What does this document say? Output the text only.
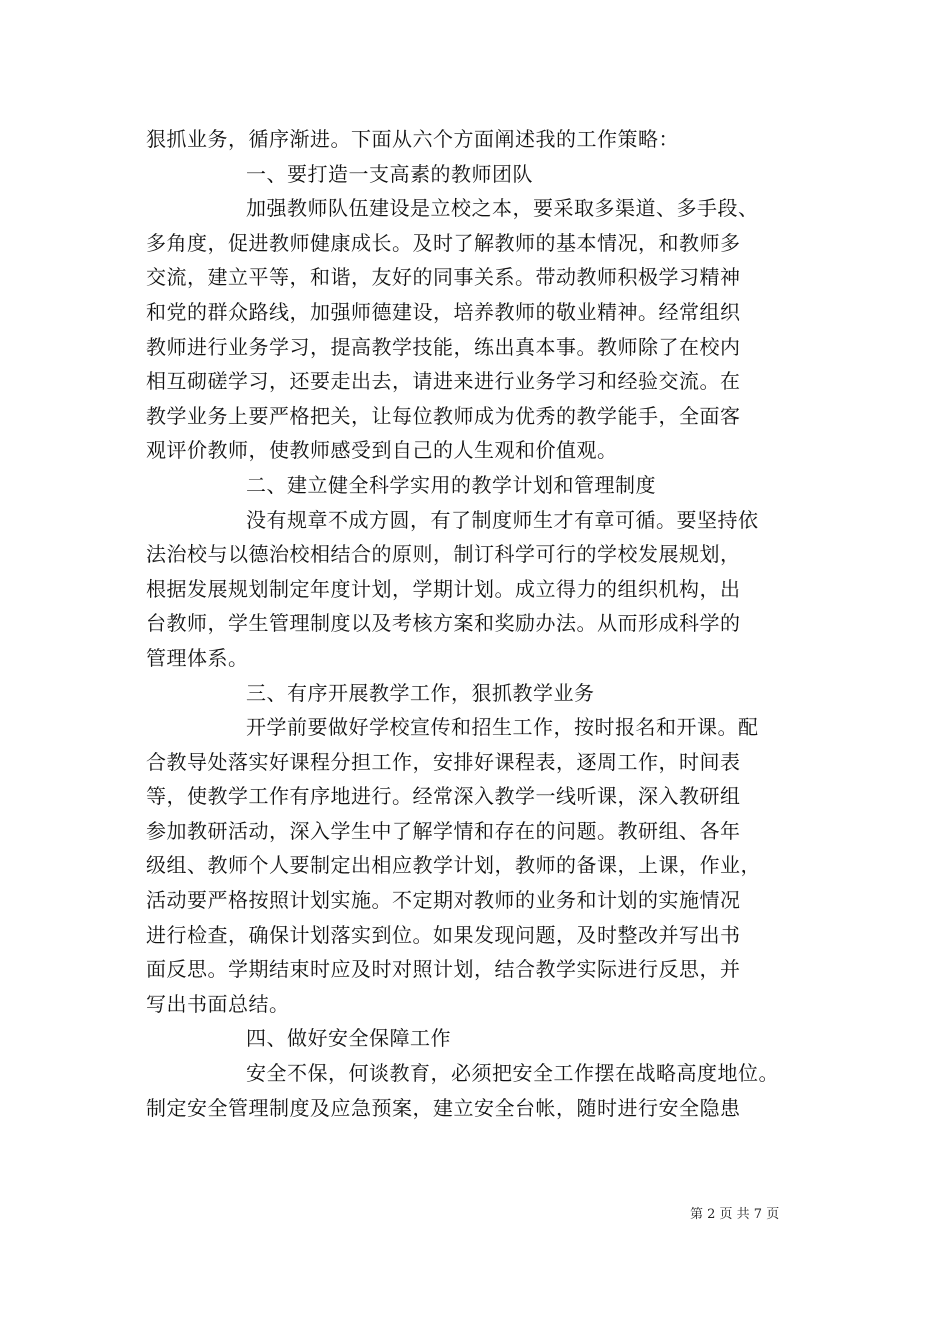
狠抓业务，循序渐进。下面从六个方面阐述我的工作策略：
一、要打造一支高素的教师团队
加强教师队伍建设是立校之本，要采取多渠道、多手段、
多角度，促进教师健康成长。及时了解教师的基本情况，和教师多
交流，建立平等，和谐，友好的同事关系。带动教师积极学习精神
和党的群众路线，加强师德建设，培养教师的敬业精神。经常组织
教师进行业务学习，提高教学技能，练出真本事。教师除了在校内
相互砌磋学习，还要走出去，请进来进行业务学习和经验交流。在
教学业务上要严格把关，让每位教师成为优秀的教学能手，全面客
观评价教师，使教师感受到自己的人生观和价值观。
二、建立健全科学实用的教学计划和管理制度
没有规章不成方圆，有了制度师生才有章可循。要坚持依
法治校与以德治校相结合的原则，制订科学可行的学校发展规划，
根据发展规划制定年度计划，学期计划。成立得力的组织机构，出
台教师，学生管理制度以及考核方案和奖励办法。从而形成科学的
管理体系。
三、有序开展教学工作，狠抓教学业务
开学前要做好学校宣传和招生工作，按时报名和开课。配
合教导处落实好课程分担工作，安排好课程表，逐周工作，时间表
等，使教学工作有序地进行。经常深入教学一线听课，深入教研组
参加教研活动，深入学生中了解学情和存在的问题。教研组、各年
级组、教师个人要制定出相应教学计划，教师的备课，上课，作业，
活动要严格按照计划实施。不定期对教师的业务和计划的实施情况
进行检查，确保计划落实到位。如果发现问题，及时整改并写出书
面反思。学期结束时应及时对照计划，结合教学实际进行反思，并
写出书面总结。
四、做好安全保障工作
安全不保，何谈教育，必须把安全工作摆在战略高度地位。
制定安全管理制度及应急预案，建立安全台帐，随时进行安全隐患
第 2 页 共 7 页
